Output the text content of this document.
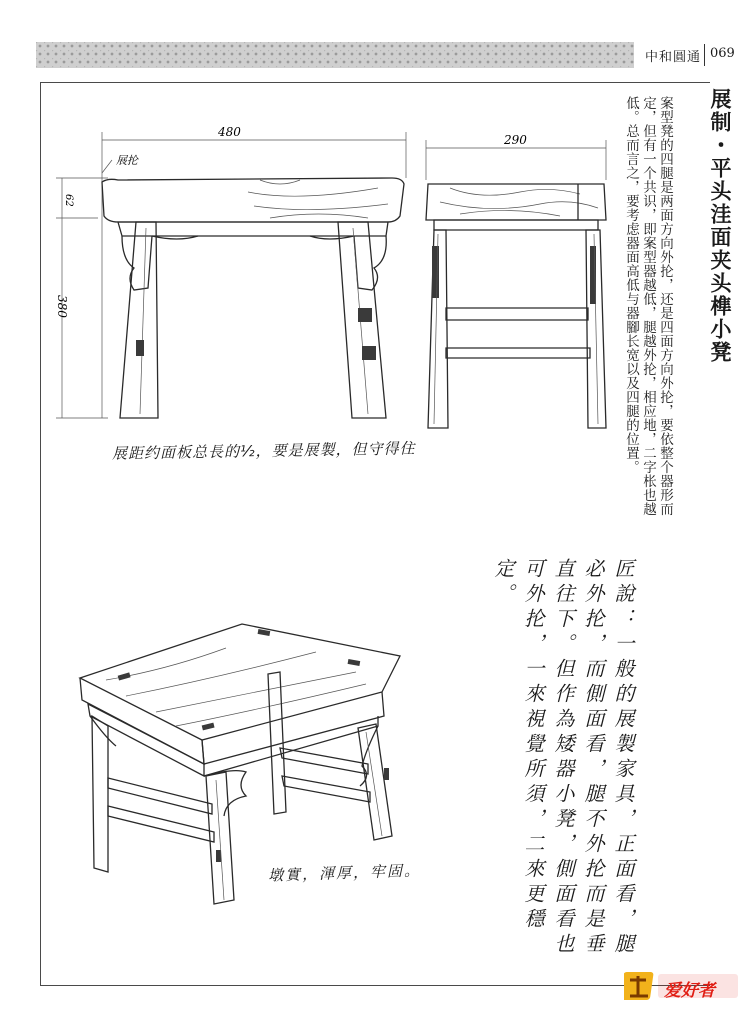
中和圓通 069
展制・平头洼面夹头榫小凳
案型凳的四腿是两面方向外抡，还是四面方向外抡，要依整个器形而定，但有一个共识，即案型器越低，腿越外抡，相应地，二字枨也越低。总而言之，要考虑器面高低与器腳长宽以及四腿的位置。
480
380
62
展抡
290
展距约面板总長的½，要是展製，但守得住
匠說：一般的展製家具，正面看，腿必外抡，而側面看，腿不外抡而是垂直往下。但作為矮器小凳，側面看也可外抡，一來視覺所須，二來更穩定。
墩實，渾厚，牢固。
爱好者
